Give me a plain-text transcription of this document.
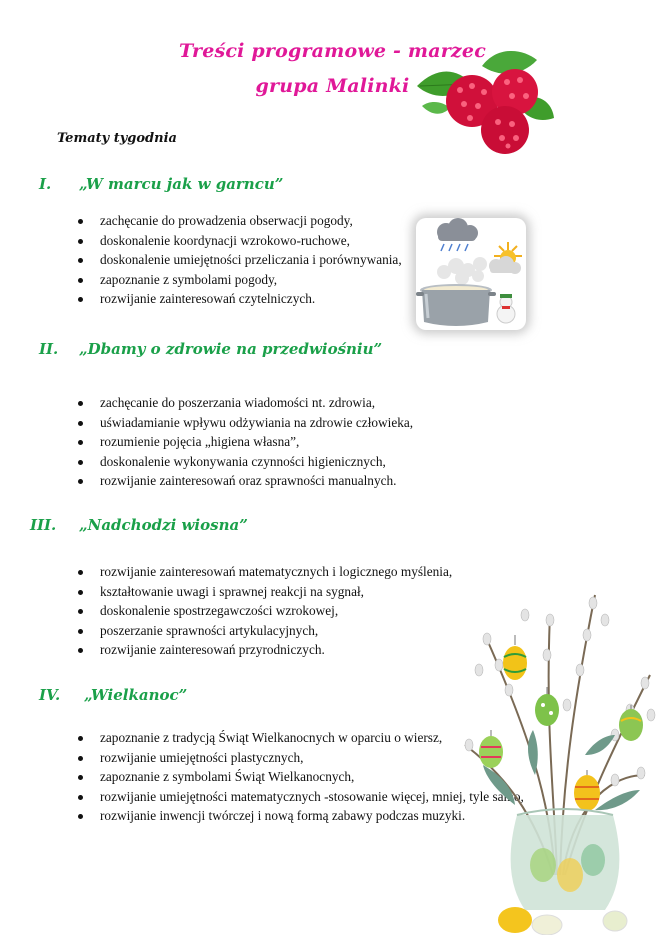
Treści programowe - marzec
grupa Malinki
Tematy tygodnia
I. „W marcu jak w garncu”
zachęcanie do prowadzenia obserwacji pogody,
doskonalenie koordynacji wzrokowo-ruchowe,
doskonalenie umiejętności przeliczania i porównywania,
zapoznanie z symbolami pogody,
rozwijanie zainteresowań czytelniczych.
II. „Dbamy o zdrowie na przedwiośniu”
zachęcanie do poszerzania wiadomości nt. zdrowia,
uświadamianie wpływu odżywiania na zdrowie człowieka,
rozumienie pojęcia „higiena własna”,
doskonalenie wykonywania czynności higienicznych,
rozwijanie zainteresowań oraz sprawności manualnych.
III. „Nadchodzi wiosna”
rozwijanie zainteresowań matematycznych i logicznego myślenia,
kształtowanie uwagi i sprawnej reakcji na sygnał,
doskonalenie spostrzegawczości wzrokowej,
poszerzanie sprawności artykulacyjnych,
rozwijanie zainteresowań przyrodniczych.
IV. „Wielkanoc”
zapoznanie z tradycją Świąt Wielkanocnych w oparciu o wiersz,
rozwijanie umiejętności plastycznych,
zapoznanie z symbolami Świąt Wielkanocnych,
rozwijanie umiejętności matematycznych -stosowanie więcej, mniej, tyle samo,
rozwijanie inwencji twórczej i nową formą zabawy podczas muzyki.
